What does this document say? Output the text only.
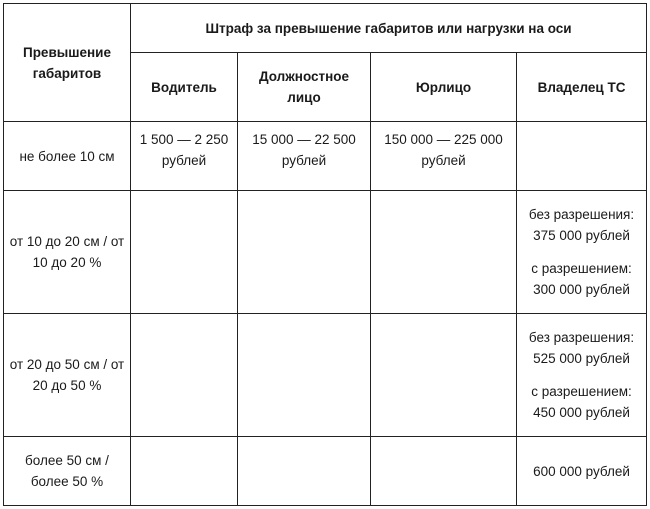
Превышение габаритов	Штраф за превышение габаритов или нагрузки на оси			
	Водитель	Должностное лицо	Юрлицо	Владелец ТС
не более 10 см	1 500 — 2 250 рублей	15 000 — 22 500 рублей	150 000 — 225 000 рублей	
от 10 до 20 см / от 10 до 20 %				без разрешения: 375 000 рублей
с разрешением: 300 000 рублей

от 20 до 50 см / от 20 до 50 %				без разрешения: 525 000 рублей
с разрешением: 450 000 рублей

более 50 см / более 50 %				600 000 рублей
